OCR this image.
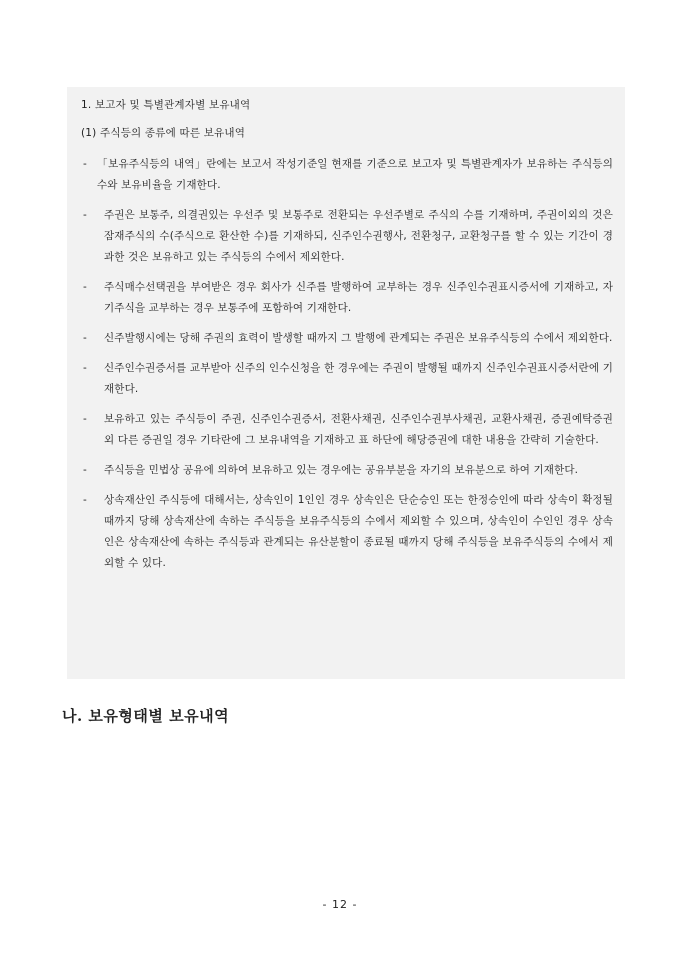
1. 보고자 및 특별관계자별 보유내역
(1) 주식등의 종류에 따른 보유내역
- 「보유주식등의 내역」란에는 보고서 작성기준일 현재를 기준으로 보고자 및 특별관계자가 보유하는 주식등의 수와 보유비율을 기재한다.
- 주권은 보통주, 의결권있는 우선주 및 보통주로 전환되는 우선주별로 주식의 수를 기재하며, 주권이외의 것은 잠재주식의 수(주식으로 환산한 수)를 기재하되, 신주인수권행사, 전환청구, 교환청구를 할 수 있는 기간이 경과한 것은 보유하고 있는 주식등의 수에서 제외한다.
- 주식매수선택권을 부여받은 경우 회사가 신주를 발행하여 교부하는 경우 신주인수권표시증서에 기재하고, 자기주식을 교부하는 경우 보통주에 포함하여 기재한다.
- 신주발행시에는 당해 주권의 효력이 발생할 때까지 그 발행에 관계되는 주권은 보유주식등의 수에서 제외한다.
- 신주인수권증서를 교부받아 신주의 인수신청을 한 경우에는 주권이 발행될 때까지 신주인수권표시증서란에 기재한다.
- 보유하고 있는 주식등이 주권, 신주인수권증서, 전환사채권, 신주인수권부사채권, 교환사채권, 증권예탁증권 외 다른 증권일 경우 기타란에 그 보유내역을 기재하고 표 하단에 해당증권에 대한 내용을 간략히 기술한다.
- 주식등을 민법상 공유에 의하여 보유하고 있는 경우에는 공유부분을 자기의 보유분으로 하여 기재한다.
- 상속재산인 주식등에 대해서는, 상속인이 1인인 경우 상속인은 단순승인 또는 한정승인에 따라 상속이 확정될 때까지 당해 상속재산에 속하는 주식등을 보유주식등의 수에서 제외할 수 있으며, 상속인이 수인인 경우 상속인은 상속재산에 속하는 주식등과 관계되는 유산분할이 종료될 때까지 당해 주식등을 보유주식등의 수에서 제외할 수 있다.
나. 보유형태별 보유내역
- 12 -
